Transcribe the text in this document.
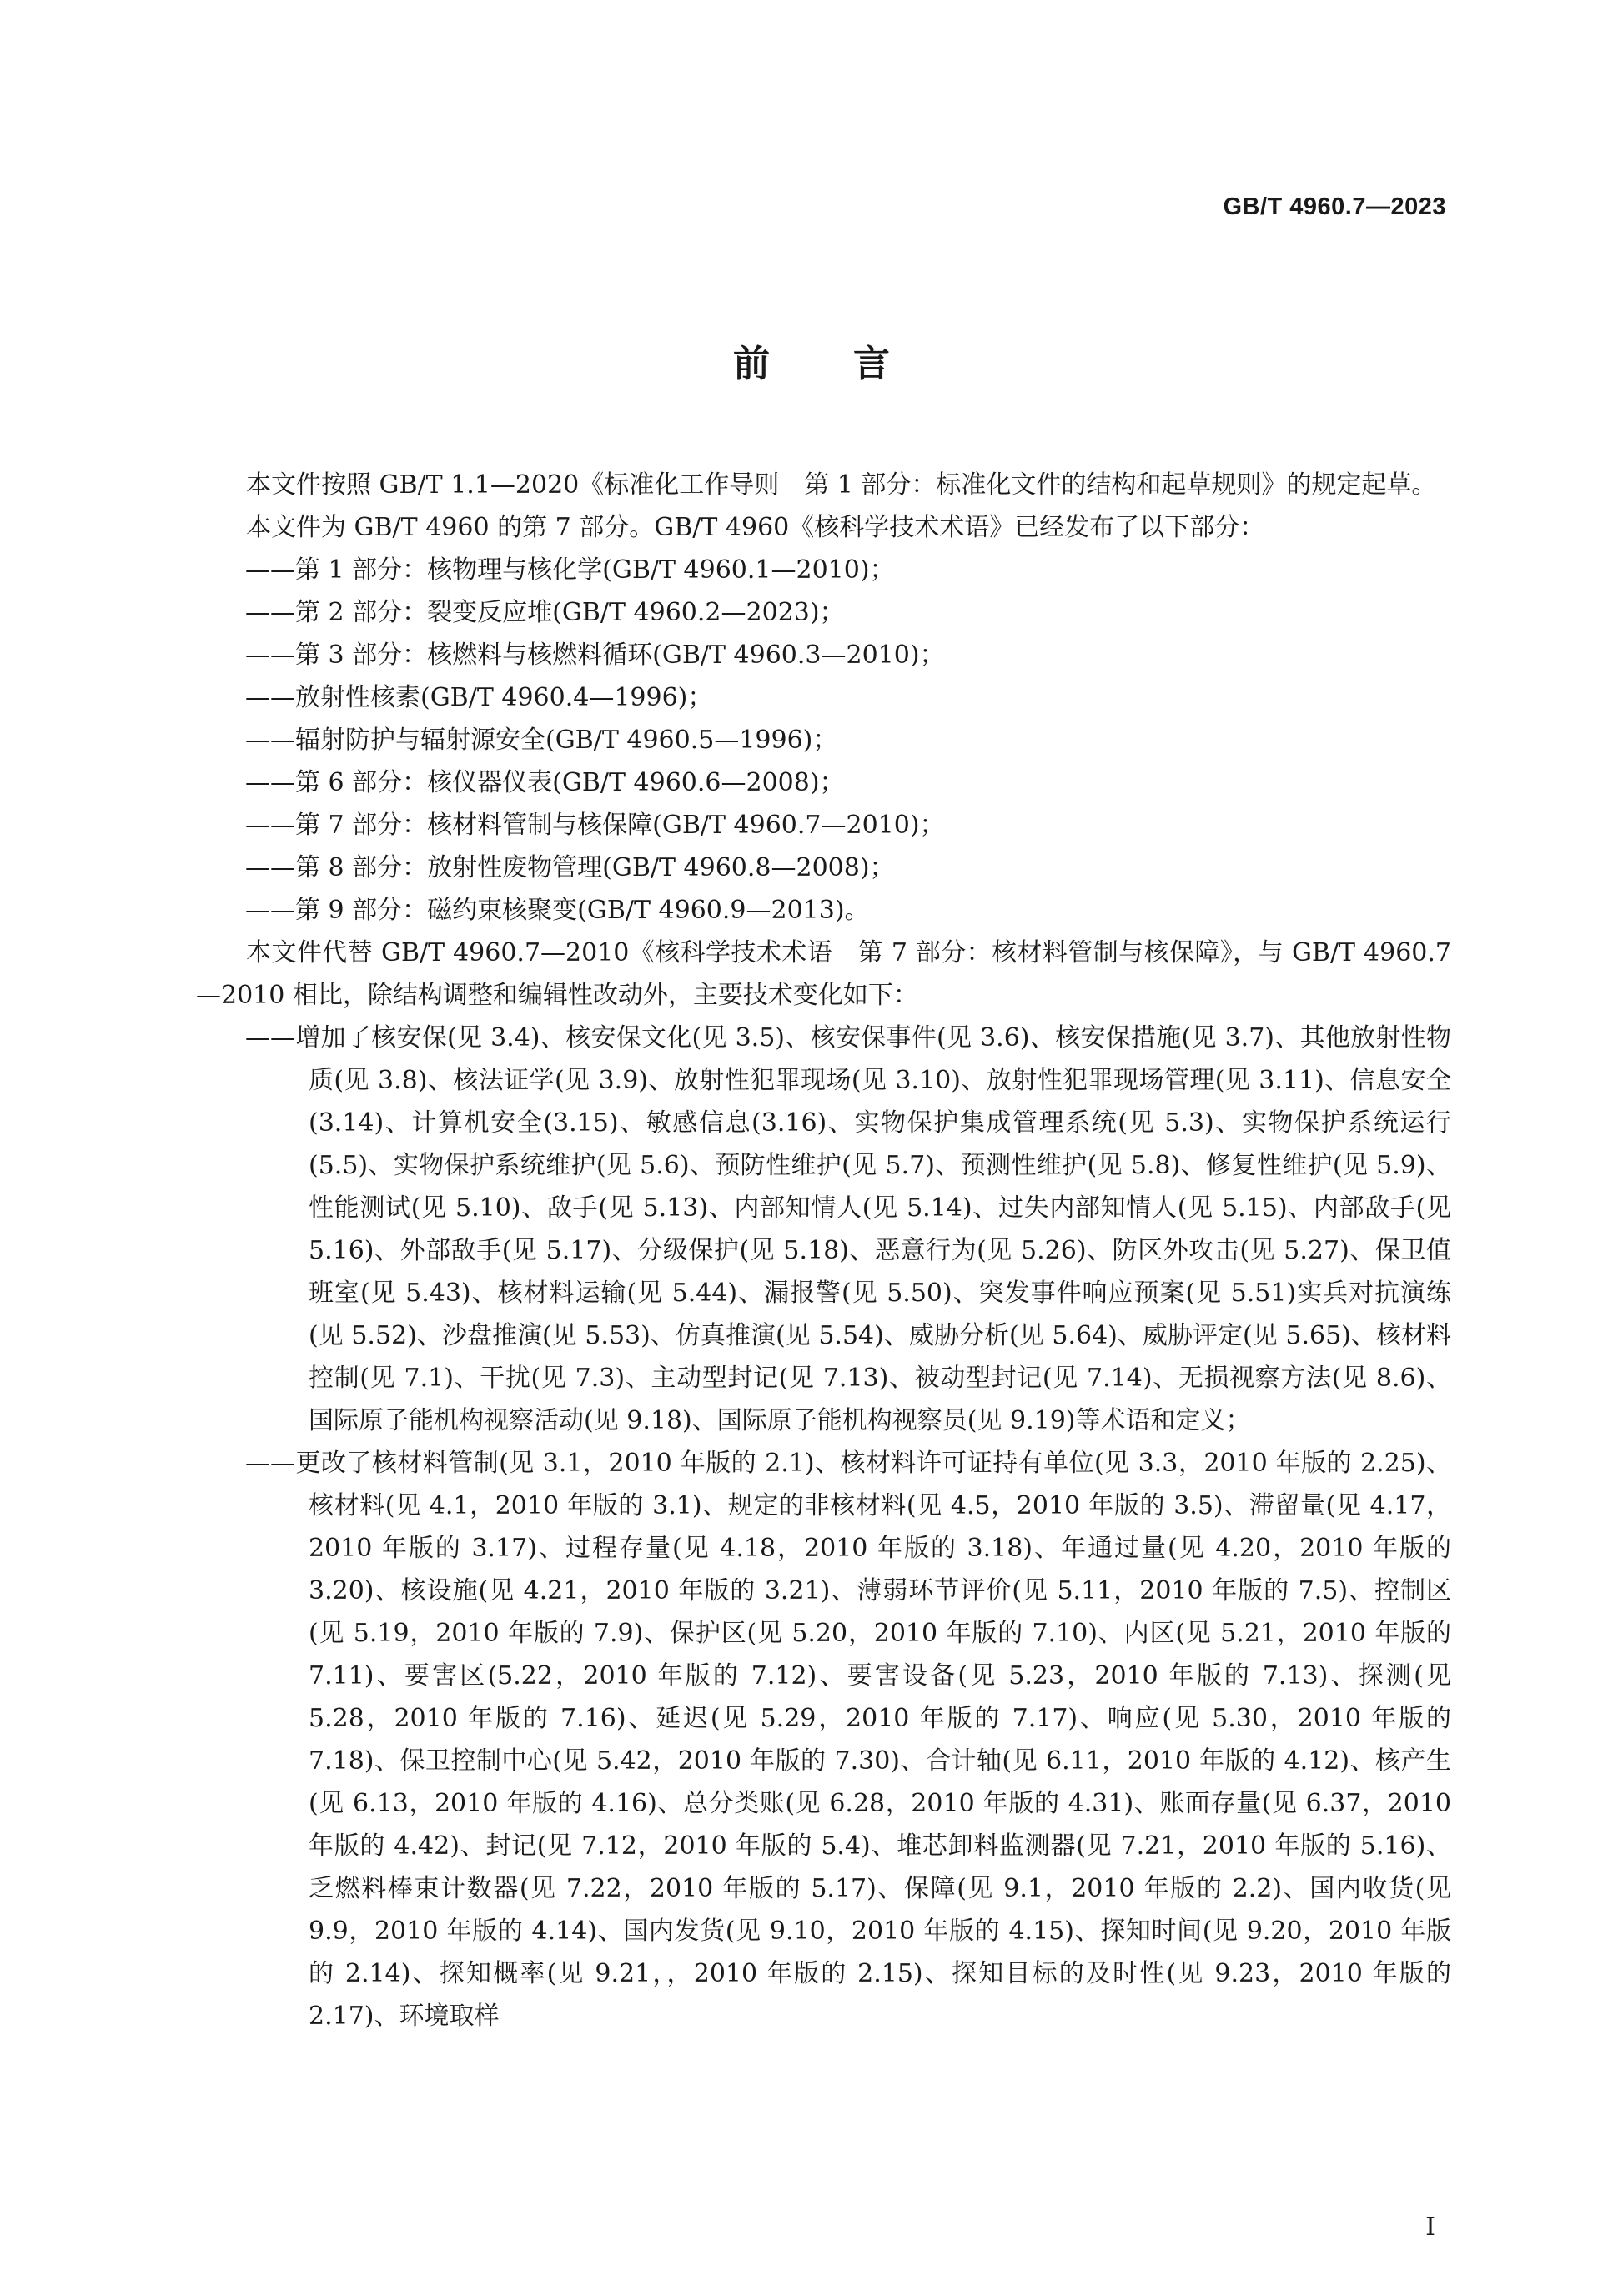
GB/T 4960.7—2023
前言

本文件按照 GB/T 1.1—2020《标准化工作导则　第 1 部分：标准化文件的结构和起草规则》的规定起草。

本文件为 GB/T 4960 的第 7 部分。GB/T 4960《核科学技术术语》已经发布了以下部分：

——第 1 部分：核物理与核化学(GB/T 4960.1—2010)；

——第 2 部分：裂变反应堆(GB/T 4960.2—2023)；

——第 3 部分：核燃料与核燃料循环(GB/T 4960.3—2010)；

——放射性核素(GB/T 4960.4—1996)；

——辐射防护与辐射源安全(GB/T 4960.5—1996)；

——第 6 部分：核仪器仪表(GB/T 4960.6—2008)；

——第 7 部分：核材料管制与核保障(GB/T 4960.7—2010)；

——第 8 部分：放射性废物管理(GB/T 4960.8—2008)；

——第 9 部分：磁约束核聚变(GB/T 4960.9—2013)。

本文件代替 GB/T 4960.7—2010《核科学技术术语　第 7 部分：核材料管制与核保障》，与 GB/T 4960.7—2010 相比，除结构调整和编辑性改动外，主要技术变化如下：

——增加了核安保(见 3.4)、核安保文化(见 3.5)、核安保事件(见 3.6)、核安保措施(见 3.7)、其他放射性物质(见 3.8)、核法证学(见 3.9)、放射性犯罪现场(见 3.10)、放射性犯罪现场管理(见 3.11)、信息安全(3.14)、计算机安全(3.15)、敏感信息(3.16)、实物保护集成管理系统(见 5.3)、实物保护系统运行(5.5)、实物保护系统维护(见 5.6)、预防性维护(见 5.7)、预测性维护(见 5.8)、修复性维护(见 5.9)、性能测试(见 5.10)、敌手(见 5.13)、内部知情人(见 5.14)、过失内部知情人(见 5.15)、内部敌手(见 5.16)、外部敌手(见 5.17)、分级保护(见 5.18)、恶意行为(见 5.26)、防区外攻击(见 5.27)、保卫值班室(见 5.43)、核材料运输(见 5.44)、漏报警(见 5.50)、突发事件响应预案(见 5.51)实兵对抗演练(见 5.52)、沙盘推演(见 5.53)、仿真推演(见 5.54)、威胁分析(见 5.64)、威胁评定(见 5.65)、核材料控制(见 7.1)、干扰(见 7.3)、主动型封记(见 7.13)、被动型封记(见 7.14)、无损视察方法(见 8.6)、国际原子能机构视察活动(见 9.18)、国际原子能机构视察员(见 9.19)等术语和定义；

——更改了核材料管制(见 3.1，2010 年版的 2.1)、核材料许可证持有单位(见 3.3，2010 年版的 2.25)、核材料(见 4.1，2010 年版的 3.1)、规定的非核材料(见 4.5，2010 年版的 3.5)、滞留量(见 4.17，2010 年版的 3.17)、过程存量(见 4.18，2010 年版的 3.18)、年通过量(见 4.20，2010 年版的 3.20)、核设施(见 4.21，2010 年版的 3.21)、薄弱环节评价(见 5.11，2010 年版的 7.5)、控制区(见 5.19，2010 年版的 7.9)、保护区(见 5.20，2010 年版的 7.10)、内区(见 5.21，2010 年版的 7.11)、要害区(5.22，2010 年版的 7.12)、要害设备(见 5.23，2010 年版的 7.13)、探测(见 5.28，2010 年版的 7.16)、延迟(见 5.29，2010 年版的 7.17)、响应(见 5.30，2010 年版的 7.18)、保卫控制中心(见 5.42，2010 年版的 7.30)、合计轴(见 6.11，2010 年版的 4.12)、核产生(见 6.13，2010 年版的 4.16)、总分类账(见 6.28，2010 年版的 4.31)、账面存量(见 6.37，2010 年版的 4.42)、封记(见 7.12，2010 年版的 5.4)、堆芯卸料监测器(见 7.21，2010 年版的 5.16)、乏燃料棒束计数器(见 7.22，2010 年版的 5.17)、保障(见 9.1，2010 年版的 2.2)、国内收货(见 9.9，2010 年版的 4.14)、国内发货(见 9.10，2010 年版的 4.15)、探知时间(见 9.20，2010 年版的 2.14)、探知概率(见 9.21，，2010 年版的 2.15)、探知目标的及时性(见 9.23，2010 年版的 2.17)、环境取样

I
